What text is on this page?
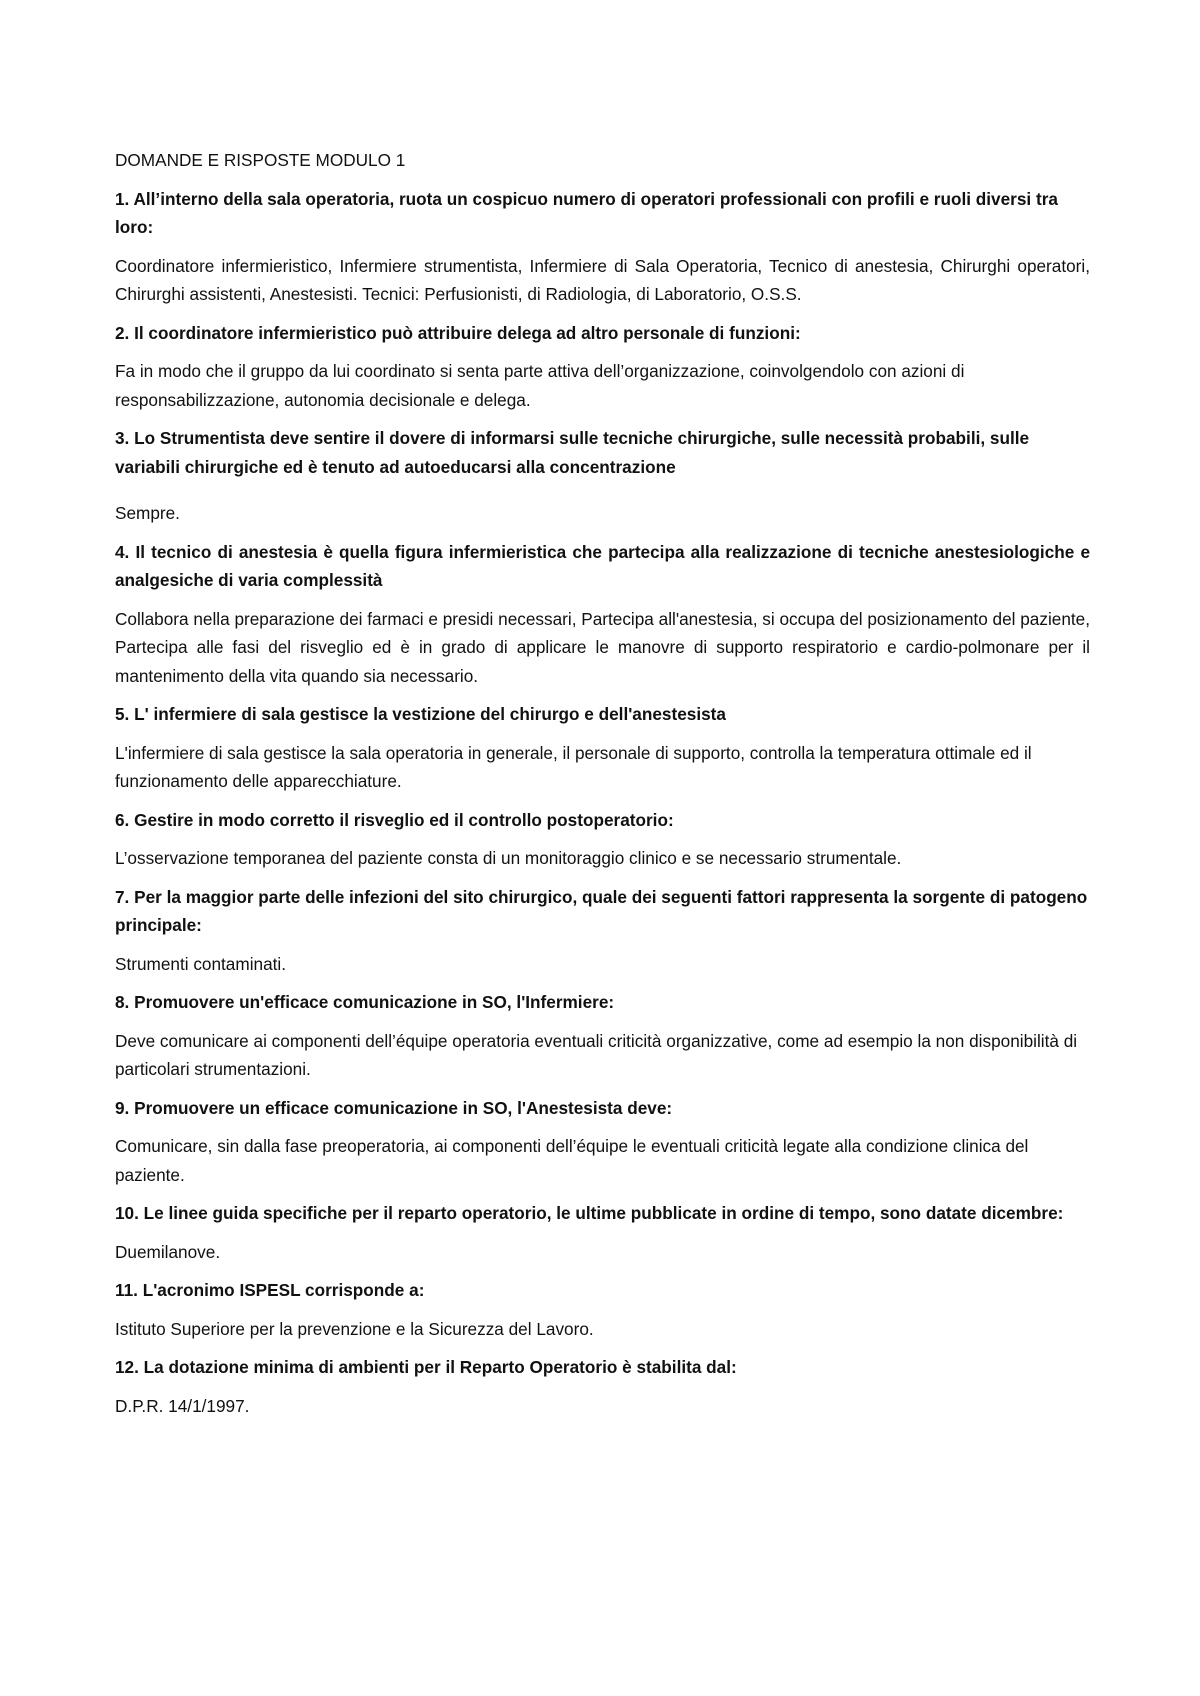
DOMANDE E RISPOSTE MODULO 1

1. All’interno della sala operatoria, ruota un cospicuo numero di operatori professionali con profili e ruoli diversi tra loro:

Coordinatore infermieristico, Infermiere strumentista, Infermiere di Sala Operatoria, Tecnico di anestesia, Chirurghi operatori, Chirurghi assistenti, Anestesisti. Tecnici: Perfusionisti, di Radiologia, di Laboratorio, O.S.S.

2. Il coordinatore infermieristico può attribuire delega ad altro personale di funzioni:

Fa in modo che il gruppo da lui coordinato si senta parte attiva dell’organizzazione, coinvolgendolo con azioni di responsabilizzazione, autonomia decisionale e delega.

3. Lo Strumentista deve sentire il dovere di informarsi sulle tecniche chirurgiche, sulle necessità probabili, sulle variabili chirurgiche ed è tenuto ad autoeducarsi alla concentrazione

Sempre.

4. Il tecnico di anestesia è quella figura infermieristica che partecipa alla realizzazione di tecniche anestesiologiche e analgesiche di varia complessità

Collabora nella preparazione dei farmaci e presidi necessari, Partecipa all'anestesia, si occupa del posizionamento del paziente, Partecipa alle fasi del risveglio ed è in grado di applicare le manovre di supporto respiratorio e cardio-polmonare per il mantenimento della vita quando sia necessario.

5. L' infermiere di sala gestisce la vestizione del chirurgo e dell'anestesista

L'infermiere di sala gestisce la sala operatoria in generale, il personale di supporto, controlla la temperatura ottimale ed il funzionamento delle apparecchiature.

6. Gestire in modo corretto il risveglio ed il controllo postoperatorio:

L’osservazione temporanea del paziente consta di un monitoraggio clinico e se necessario strumentale.

7. Per la maggior parte delle infezioni del sito chirurgico, quale dei seguenti fattori rappresenta la sorgente di patogeno principale:

Strumenti contaminati.

8. Promuovere un'efficace comunicazione in SO, l'Infermiere:

Deve comunicare ai componenti dell’équipe operatoria eventuali criticità organizzative, come ad esempio la non disponibilità di particolari strumentazioni.

9. Promuovere un efficace comunicazione in SO, l'Anestesista deve:

Comunicare, sin dalla fase preoperatoria, ai componenti dell’équipe le eventuali criticità legate alla condizione clinica del paziente.

10. Le linee guida specifiche per il reparto operatorio, le ultime pubblicate in ordine di tempo, sono datate dicembre:

Duemilanove.

11. L'acronimo ISPESL corrisponde a:

Istituto Superiore per la prevenzione e la Sicurezza del Lavoro.

12. La dotazione minima di ambienti per il Reparto Operatorio è stabilita dal:

D.P.R. 14/1/1997.
